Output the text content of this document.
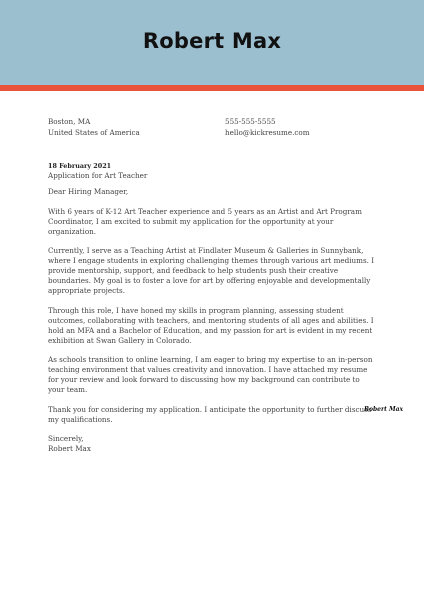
Robert Max
Boston, MA
United States of America
555-555-5555
hello@kickresume.com
18 February 2021
Application for Art Teacher

Dear Hiring Manager,

With 6 years of K-12 Art Teacher experience and 5 years as an Artist and Art Program Coordinator, I am excited to submit my application for the opportunity at your organization.

Currently, I serve as a Teaching Artist at Findlater Museum & Galleries in Sunnybank, where I engage students in exploring challenging themes through various art mediums. I provide mentorship, support, and feedback to help students push their creative boundaries. My goal is to foster a love for art by offering enjoyable and developmentally appropriate projects.

Through this role, I have honed my skills in program planning, assessing student outcomes, collaborating with teachers, and mentoring students of all ages and abilities. I hold an MFA and a Bachelor of Education, and my passion for art is evident in my recent exhibition at Swan Gallery in Colorado.

As schools transition to online learning, I am eager to bring my expertise to an in-person teaching environment that values creativity and innovation. I have attached my resume for your review and look forward to discussing how my background can contribute to your team.

Thank you for considering my application. I anticipate the opportunity to further discuss my qualifications.

Sincerely,
Robert Max
Robert Max
